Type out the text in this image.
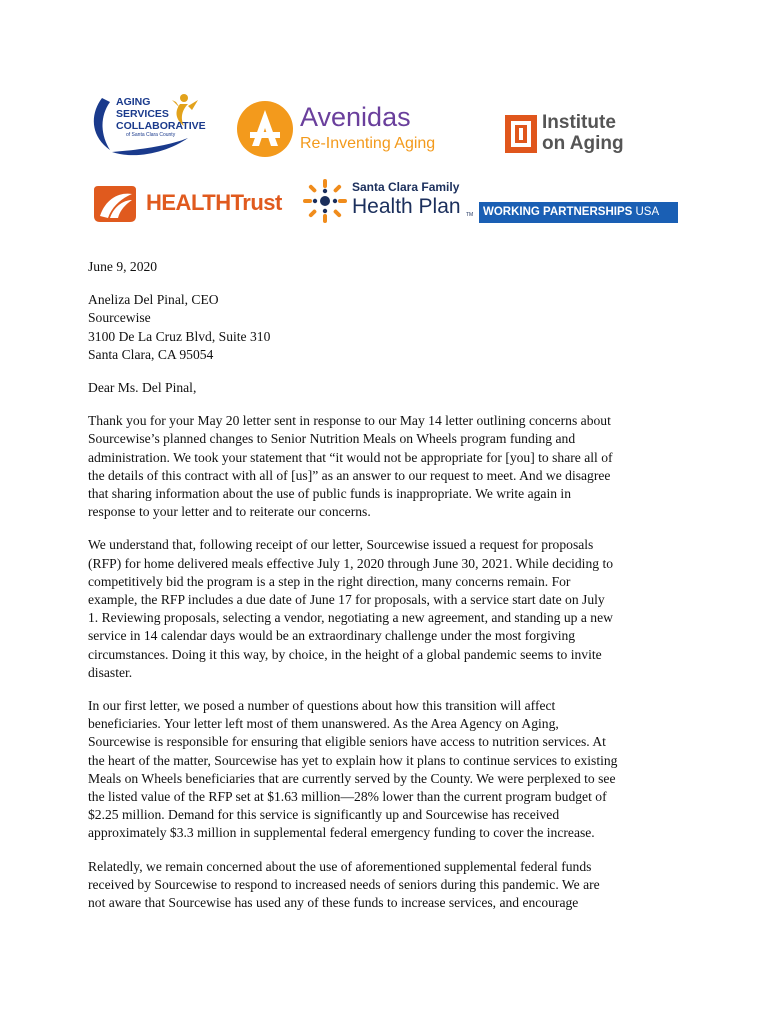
AGING
SERVICES
COLLABORATIVE
of Santa Clara County
Avenidas
Re-Inventing Aging
Institute
on Aging
HEALTHTrust
Santa Clara Family
Health Plan TM WORKING PARTNERSHIPS USA

June 9, 2020

Aneliza Del Pinal, CEO
Sourcewise
3100 De La Cruz Blvd, Suite 310
Santa Clara, CA 95054

Dear Ms. Del Pinal,

Thank you for your May 20 letter sent in response to our May 14 letter outlining concerns about
Sourcewise’s planned changes to Senior Nutrition Meals on Wheels program funding and
administration. We took your statement that “it would not be appropriate for [you] to share all of
the details of this contract with all of [us]” as an answer to our request to meet. And we disagree
that sharing information about the use of public funds is inappropriate. We write again in
response to your letter and to reiterate our concerns.

We understand that, following receipt of our letter, Sourcewise issued a request for proposals
(RFP) for home delivered meals effective July 1, 2020 through June 30, 2021. While deciding to
competitively bid the program is a step in the right direction, many concerns remain. For
example, the RFP includes a due date of June 17 for proposals, with a service start date on July
1. Reviewing proposals, selecting a vendor, negotiating a new agreement, and standing up a new
service in 14 calendar days would be an extraordinary challenge under the most forgiving
circumstances. Doing it this way, by choice, in the height of a global pandemic seems to invite
disaster.

In our first letter, we posed a number of questions about how this transition will affect
beneficiaries. Your letter left most of them unanswered. As the Area Agency on Aging,
Sourcewise is responsible for ensuring that eligible seniors have access to nutrition services. At
the heart of the matter, Sourcewise has yet to explain how it plans to continue services to existing
Meals on Wheels beneficiaries that are currently served by the County. We were perplexed to see
the listed value of the RFP set at $1.63 million—28% lower than the current program budget of
$2.25 million. Demand for this service is significantly up and Sourcewise has received
approximately $3.3 million in supplemental federal emergency funding to cover the increase.

Relatedly, we remain concerned about the use of aforementioned supplemental federal funds
received by Sourcewise to respond to increased needs of seniors during this pandemic. We are
not aware that Sourcewise has used any of these funds to increase services, and encourage
